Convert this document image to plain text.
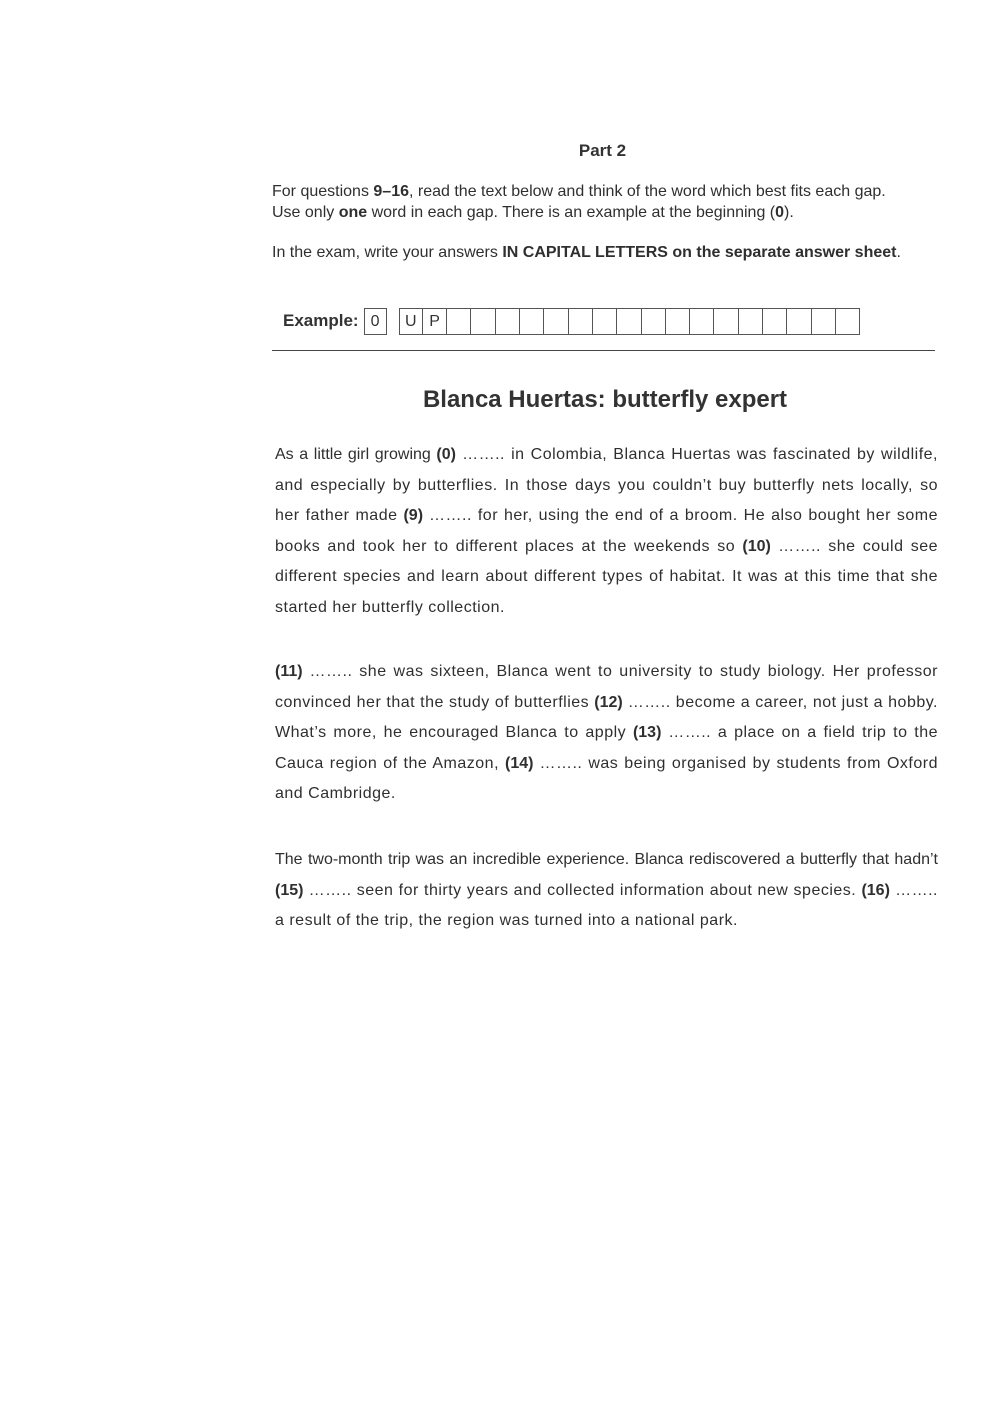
Part 2
For questions 9–16, read the text below and think of the word which best fits each gap. Use only one word in each gap. There is an example at the beginning (0).
In the exam, write your answers IN CAPITAL LETTERS on the separate answer sheet.
Example: 0	U P
Blanca Huertas: butterfly expert
As a little girl growing (0) …….. in Colombia, Blanca Huertas was fascinated by wildlife, and especially by butterflies. In those days you couldn’t buy butterfly nets locally, so her father made (9) …….. for her, using the end of a broom. He also bought her some books and took her to different places at the weekends so (10) …….. she could see different species and learn about different types of habitat. It was at this time that she started her butterfly collection.
(11) …….. she was sixteen, Blanca went to university to study biology. Her professor convinced her that the study of butterflies (12) …….. become a career, not just a hobby. What’s more, he encouraged Blanca to apply (13) …….. a place on a field trip to the Cauca region of the Amazon, (14) …….. was being organised by students from Oxford and Cambridge.
The two-month trip was an incredible experience. Blanca rediscovered a butterfly that hadn’t (15) …….. seen for thirty years and collected information about new species. (16) …….. a result of the trip, the region was turned into a national park.
